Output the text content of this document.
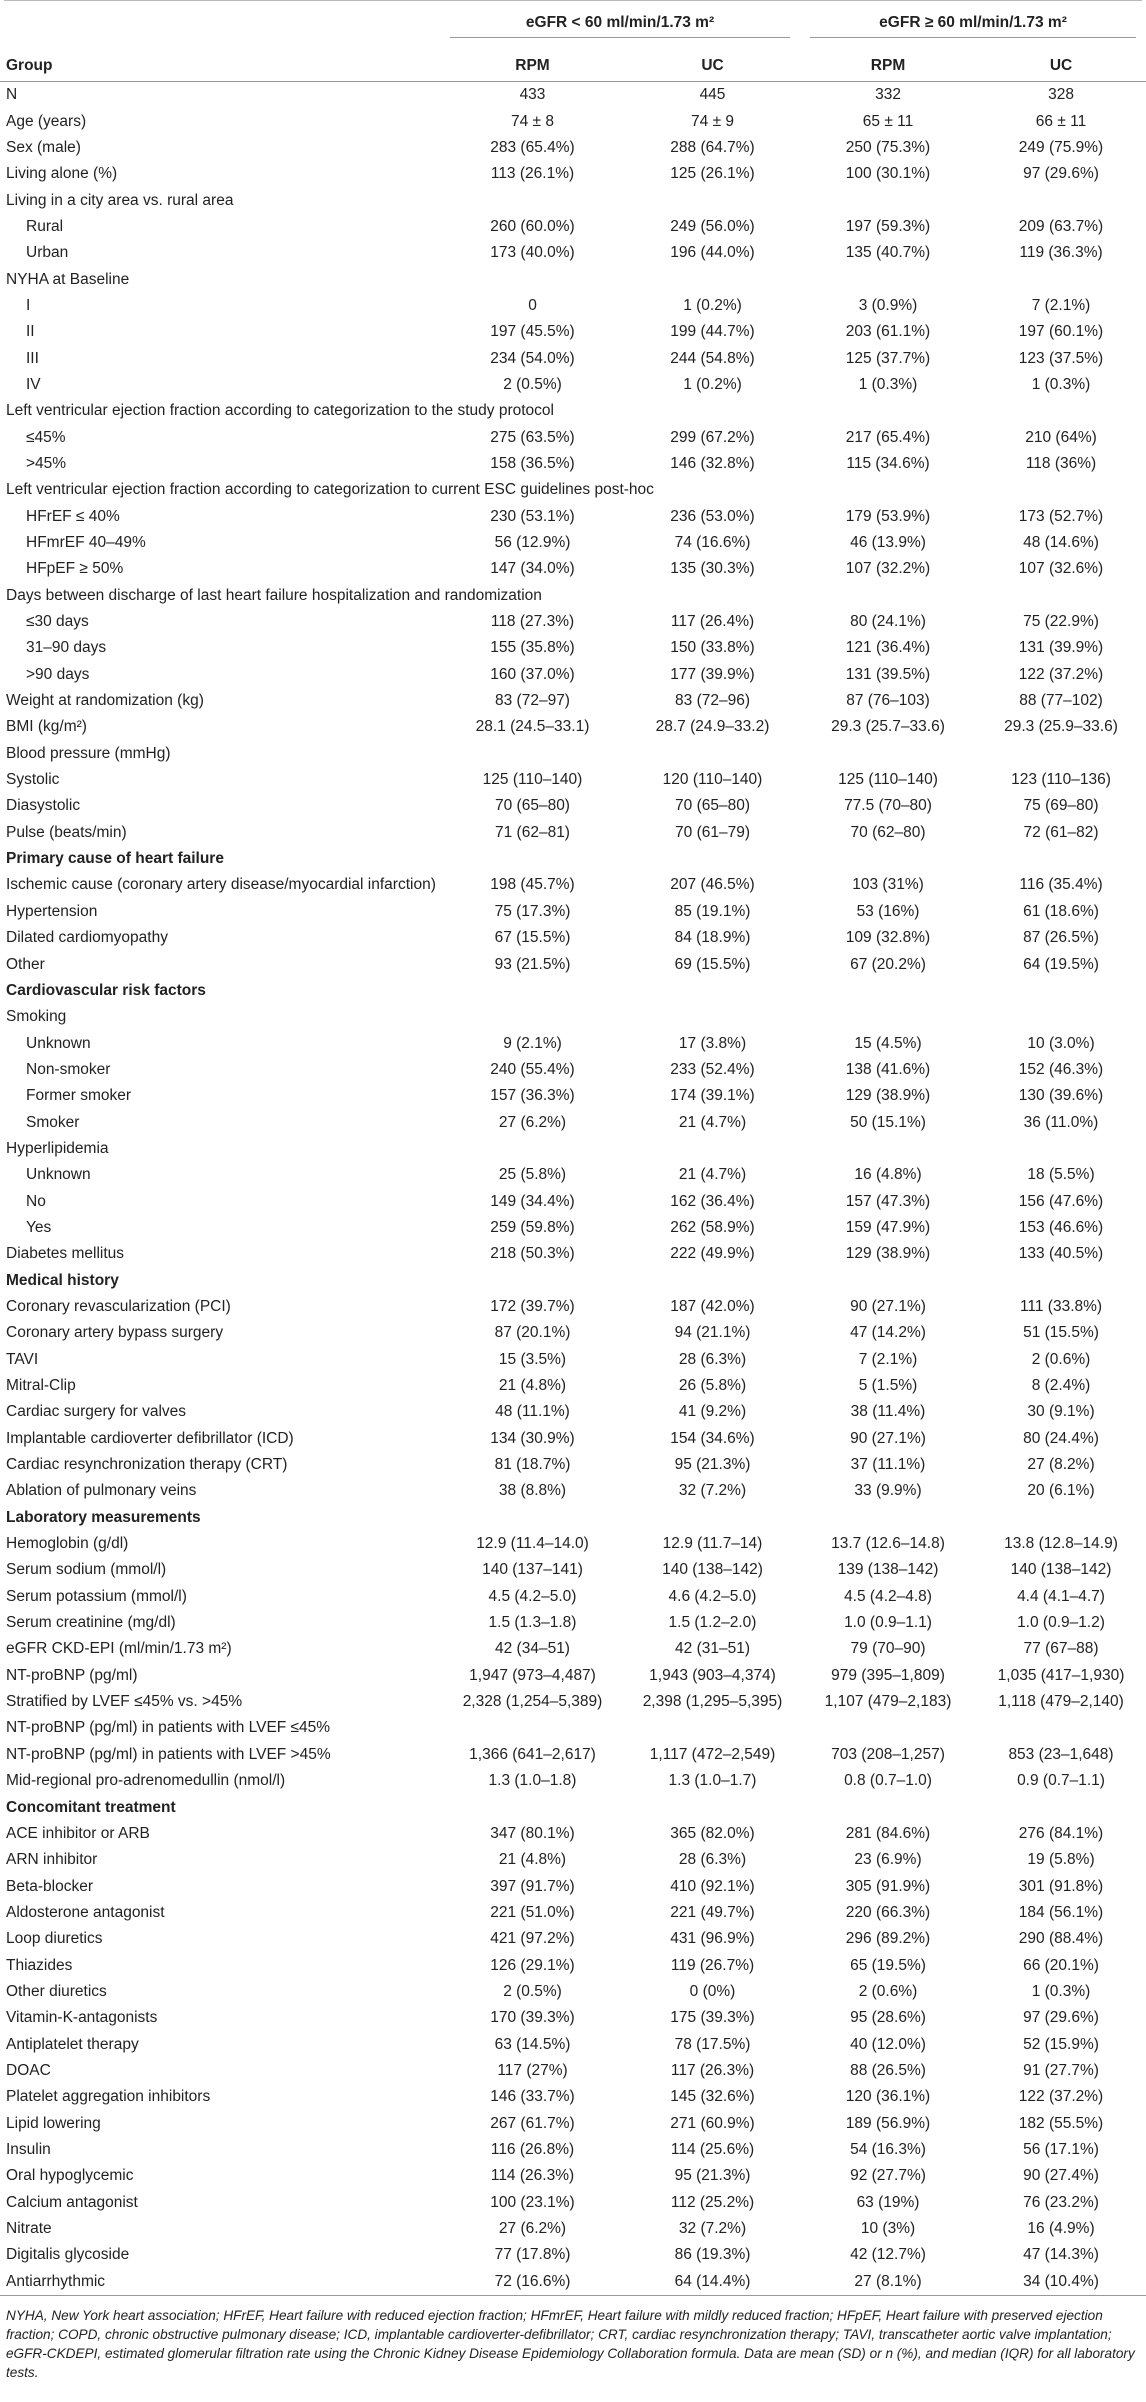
	eGFR < 60 ml/min/1.73 m²		eGFR ≥ 60 ml/min/1.73 m²	

Group	RPM	UC	RPM	UC
N	433	445	332	328
Age (years)	74 ± 8	74 ± 9	65 ± 11	66 ± 11
Sex (male)	283 (65.4%)	288 (64.7%)	250 (75.3%)	249 (75.9%)
Living alone (%)	113 (26.1%)	125 (26.1%)	100 (30.1%)	97 (29.6%)
Living in a city area vs. rural area				
Rural	260 (60.0%)	249 (56.0%)	197 (59.3%)	209 (63.7%)
Urban	173 (40.0%)	196 (44.0%)	135 (40.7%)	119 (36.3%)
NYHA at Baseline				
I	0	1 (0.2%)	3 (0.9%)	7 (2.1%)
II	197 (45.5%)	199 (44.7%)	203 (61.1%)	197 (60.1%)
III	234 (54.0%)	244 (54.8%)	125 (37.7%)	123 (37.5%)
IV	2 (0.5%)	1 (0.2%)	1 (0.3%)	1 (0.3%)
Left ventricular ejection fraction according to categorization to the study protocol				
≤45%	275 (63.5%)	299 (67.2%)	217 (65.4%)	210 (64%)
>45%	158 (36.5%)	146 (32.8%)	115 (34.6%)	118 (36%)
Left ventricular ejection fraction according to categorization to current ESC guidelines post-hoc				
HFrEF ≤ 40%	230 (53.1%)	236 (53.0%)	179 (53.9%)	173 (52.7%)
HFmrEF 40–49%	56 (12.9%)	74 (16.6%)	46 (13.9%)	48 (14.6%)
HFpEF ≥ 50%	147 (34.0%)	135 (30.3%)	107 (32.2%)	107 (32.6%)
Days between discharge of last heart failure hospitalization and randomization				
≤30 days	118 (27.3%)	117 (26.4%)	80 (24.1%)	75 (22.9%)
31–90 days	155 (35.8%)	150 (33.8%)	121 (36.4%)	131 (39.9%)
>90 days	160 (37.0%)	177 (39.9%)	131 (39.5%)	122 (37.2%)
Weight at randomization (kg)	83 (72–97)	83 (72–96)	87 (76–103)	88 (77–102)
BMI (kg/m²)	28.1 (24.5–33.1)	28.7 (24.9–33.2)	29.3 (25.7–33.6)	29.3 (25.9–33.6)
Blood pressure (mmHg)				
Systolic	125 (110–140)	120 (110–140)	125 (110–140)	123 (110–136)
Diasystolic	70 (65–80)	70 (65–80)	77.5 (70–80)	75 (69–80)
Pulse (beats/min)	71 (62–81)	70 (61–79)	70 (62–80)	72 (61–82)
Primary cause of heart failure				
Ischemic cause (coronary artery disease/myocardial infarction)	198 (45.7%)	207 (46.5%)	103 (31%)	116 (35.4%)
Hypertension	75 (17.3%)	85 (19.1%)	53 (16%)	61 (18.6%)
Dilated cardiomyopathy	67 (15.5%)	84 (18.9%)	109 (32.8%)	87 (26.5%)
Other	93 (21.5%)	69 (15.5%)	67 (20.2%)	64 (19.5%)
Cardiovascular risk factors				
Smoking				
Unknown	9 (2.1%)	17 (3.8%)	15 (4.5%)	10 (3.0%)
Non-smoker	240 (55.4%)	233 (52.4%)	138 (41.6%)	152 (46.3%)
Former smoker	157 (36.3%)	174 (39.1%)	129 (38.9%)	130 (39.6%)
Smoker	27 (6.2%)	21 (4.7%)	50 (15.1%)	36 (11.0%)
Hyperlipidemia				
Unknown	25 (5.8%)	21 (4.7%)	16 (4.8%)	18 (5.5%)
No	149 (34.4%)	162 (36.4%)	157 (47.3%)	156 (47.6%)
Yes	259 (59.8%)	262 (58.9%)	159 (47.9%)	153 (46.6%)
Diabetes mellitus	218 (50.3%)	222 (49.9%)	129 (38.9%)	133 (40.5%)
Medical history				
Coronary revascularization (PCI)	172 (39.7%)	187 (42.0%)	90 (27.1%)	111 (33.8%)
Coronary artery bypass surgery	87 (20.1%)	94 (21.1%)	47 (14.2%)	51 (15.5%)
TAVI	15 (3.5%)	28 (6.3%)	7 (2.1%)	2 (0.6%)
Mitral-Clip	21 (4.8%)	26 (5.8%)	5 (1.5%)	8 (2.4%)
Cardiac surgery for valves	48 (11.1%)	41 (9.2%)	38 (11.4%)	30 (9.1%)
Implantable cardioverter defibrillator (ICD)	134 (30.9%)	154 (34.6%)	90 (27.1%)	80 (24.4%)
Cardiac resynchronization therapy (CRT)	81 (18.7%)	95 (21.3%)	37 (11.1%)	27 (8.2%)
Ablation of pulmonary veins	38 (8.8%)	32 (7.2%)	33 (9.9%)	20 (6.1%)
Laboratory measurements				
Hemoglobin (g/dl)	12.9 (11.4–14.0)	12.9 (11.7–14)	13.7 (12.6–14.8)	13.8 (12.8–14.9)
Serum sodium (mmol/l)	140 (137–141)	140 (138–142)	139 (138–142)	140 (138–142)
Serum potassium (mmol/l)	4.5 (4.2–5.0)	4.6 (4.2–5.0)	4.5 (4.2–4.8)	4.4 (4.1–4.7)
Serum creatinine (mg/dl)	1.5 (1.3–1.8)	1.5 (1.2–2.0)	1.0 (0.9–1.1)	1.0 (0.9–1.2)
eGFR CKD-EPI (ml/min/1.73 m²)	42 (34–51)	42 (31–51)	79 (70–90)	77 (67–88)
NT-proBNP (pg/ml)	1,947 (973–4,487)	1,943 (903–4,374)	979 (395–1,809)	1,035 (417–1,930)
Stratified by LVEF ≤45% vs. >45%	2,328 (1,254–5,389)	2,398 (1,295–5,395)	1,107 (479–2,183)	1,118 (479–2,140)
NT-proBNP (pg/ml) in patients with LVEF ≤45%				
NT-proBNP (pg/ml) in patients with LVEF >45%	1,366 (641–2,617)	1,117 (472–2,549)	703 (208–1,257)	853 (23–1,648)
Mid-regional pro-adrenomedullin (nmol/l)	1.3 (1.0–1.8)	1.3 (1.0–1.7)	0.8 (0.7–1.0)	0.9 (0.7–1.1)
Concomitant treatment				
ACE inhibitor or ARB	347 (80.1%)	365 (82.0%)	281 (84.6%)	276 (84.1%)
ARN inhibitor	21 (4.8%)	28 (6.3%)	23 (6.9%)	19 (5.8%)
Beta-blocker	397 (91.7%)	410 (92.1%)	305 (91.9%)	301 (91.8%)
Aldosterone antagonist	221 (51.0%)	221 (49.7%)	220 (66.3%)	184 (56.1%)
Loop diuretics	421 (97.2%)	431 (96.9%)	296 (89.2%)	290 (88.4%)
Thiazides	126 (29.1%)	119 (26.7%)	65 (19.5%)	66 (20.1%)
Other diuretics	2 (0.5%)	0 (0%)	2 (0.6%)	1 (0.3%)
Vitamin-K-antagonists	170 (39.3%)	175 (39.3%)	95 (28.6%)	97 (29.6%)
Antiplatelet therapy	63 (14.5%)	78 (17.5%)	40 (12.0%)	52 (15.9%)
DOAC	117 (27%)	117 (26.3%)	88 (26.5%)	91 (27.7%)
Platelet aggregation inhibitors	146 (33.7%)	145 (32.6%)	120 (36.1%)	122 (37.2%)
Lipid lowering	267 (61.7%)	271 (60.9%)	189 (56.9%)	182 (55.5%)
Insulin	116 (26.8%)	114 (25.6%)	54 (16.3%)	56 (17.1%)
Oral hypoglycemic	114 (26.3%)	95 (21.3%)	92 (27.7%)	90 (27.4%)
Calcium antagonist	100 (23.1%)	112 (25.2%)	63 (19%)	76 (23.2%)
Nitrate	27 (6.2%)	32 (7.2%)	10 (3%)	16 (4.9%)
Digitalis glycoside	77 (17.8%)	86 (19.3%)	42 (12.7%)	47 (14.3%)
Antiarrhythmic	72 (16.6%)	64 (14.4%)	27 (8.1%)	34 (10.4%)
NYHA, New York heart association; HFrEF, Heart failure with reduced ejection fraction; HFmrEF, Heart failure with mildly reduced fraction; HFpEF, Heart failure with preserved ejection fraction; COPD, chronic obstructive pulmonary disease; ICD, implantable cardioverter-defibrillator; CRT, cardiac resynchronization therapy; TAVI, transcatheter aortic valve implantation; eGFR-CKDEPI, estimated glomerular filtration rate using the Chronic Kidney Disease Epidemiology Collaboration formula. Data are mean (SD) or n (%), and median (IQR) for all laboratory tests.
